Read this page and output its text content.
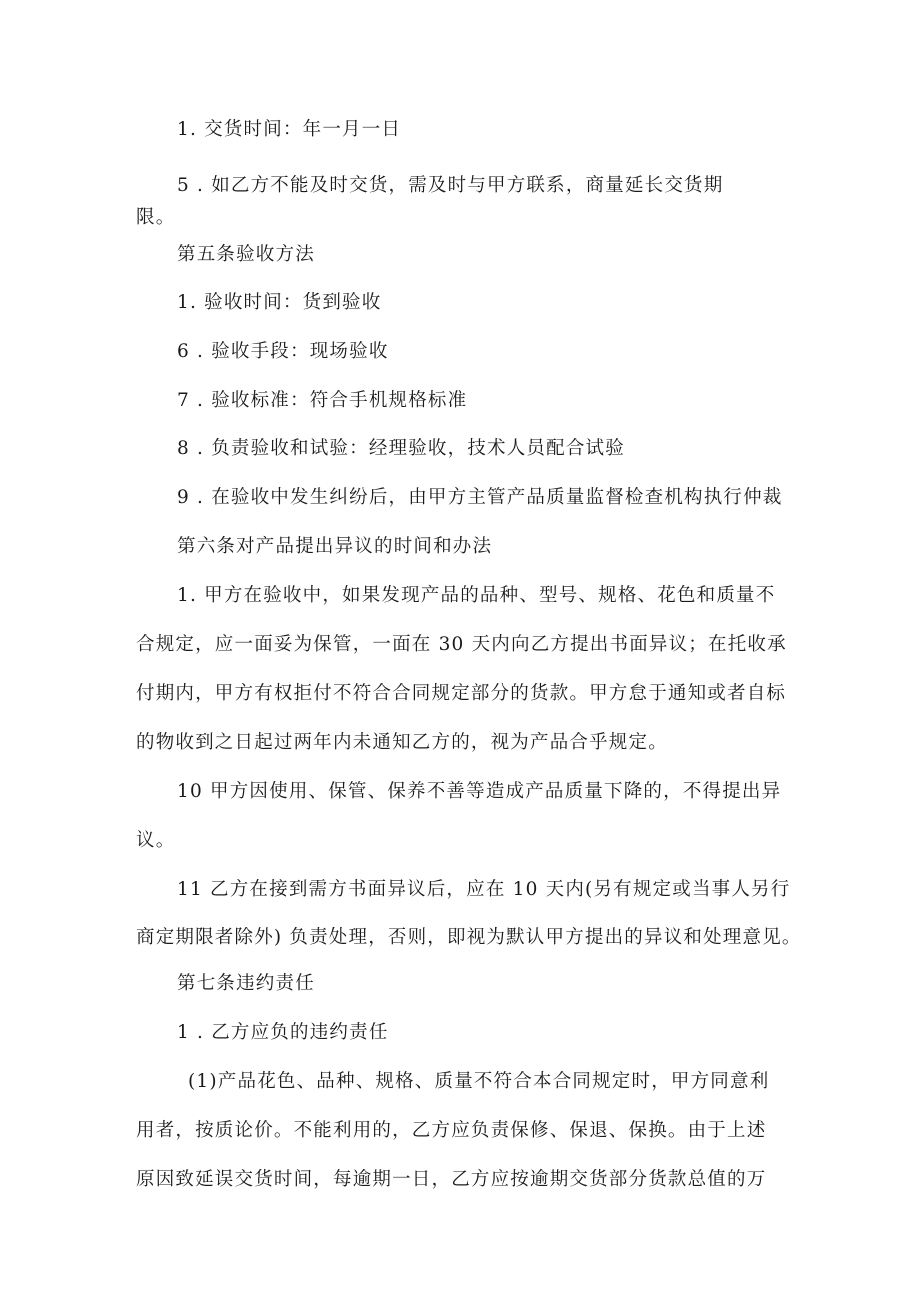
1. 交货时间：年一月一日
5 . 如乙方不能及时交货，需及时与甲方联系，商量延长交货期
限。
第五条验收方法
1. 验收时间：货到验收
6 . 验收手段：现场验收
7 . 验收标准：符合手机规格标准
8 . 负责验收和试验：经理验收，技术人员配合试验
9 . 在验收中发生纠纷后，由甲方主管产品质量监督检查机构执行仲裁
第六条对产品提出异议的时间和办法
1. 甲方在验收中，如果发现产品的品种、型号、规格、花色和质量不
合规定，应一面妥为保管，一面在 30 天内向乙方提出书面异议；在托收承
付期内，甲方有权拒付不符合合同规定部分的货款。甲方怠于通知或者自标
的物收到之日起过两年内未通知乙方的，视为产品合乎规定。
10 甲方因使用、保管、保养不善等造成产品质量下降的，不得提出异
议。
11 乙方在接到需方书面异议后，应在 10 天内(另有规定或当事人另行
商定期限者除外) 负责处理，否则，即视为默认甲方提出的异议和处理意见。
第七条违约责任
1 . 乙方应负的违约责任
(1)产品花色、品种、规格、质量不符合本合同规定时，甲方同意利
用者，按质论价。不能利用的，乙方应负责保修、保退、保换。由于上述
原因致延误交货时间，每逾期一日，乙方应按逾期交货部分货款总值的万
